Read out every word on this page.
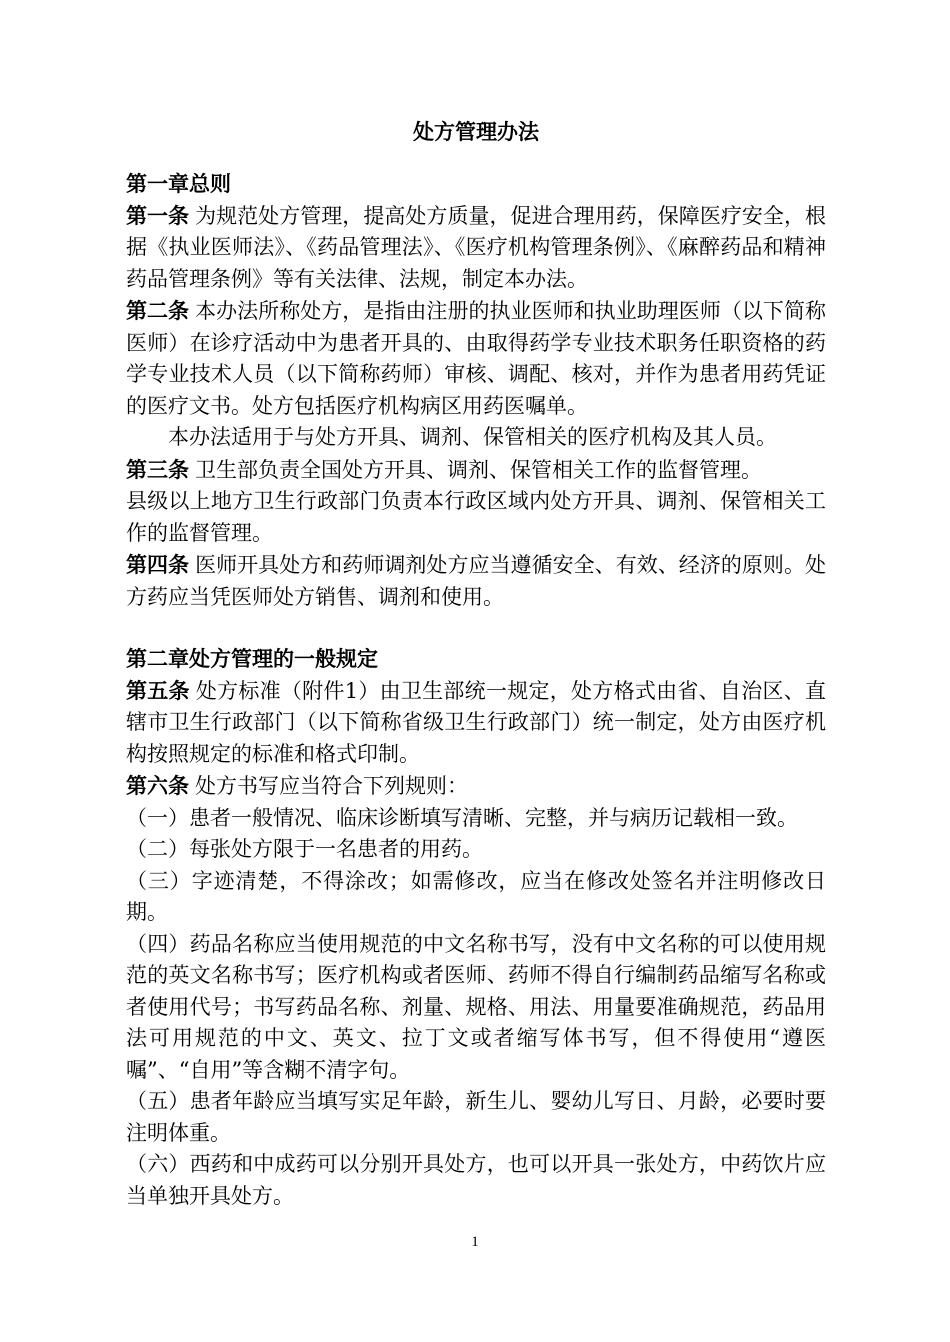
处方管理办法
第一章总则
第一条 为规范处方管理，提高处方质量，促进合理用药，保障医疗安全，根据《执业医师法》、《药品管理法》、《医疗机构管理条例》、《麻醉药品和精神药品管理条例》等有关法律、法规，制定本办法。
第二条 本办法所称处方，是指由注册的执业医师和执业助理医师（以下简称医师）在诊疗活动中为患者开具的、由取得药学专业技术职务任职资格的药学专业技术人员（以下简称药师）审核、调配、核对，并作为患者用药凭证的医疗文书。处方包括医疗机构病区用药医嘱单。
本办法适用于与处方开具、调剂、保管相关的医疗机构及其人员。
第三条 卫生部负责全国处方开具、调剂、保管相关工作的监督管理。
县级以上地方卫生行政部门负责本行政区域内处方开具、调剂、保管相关工作的监督管理。
第四条 医师开具处方和药师调剂处方应当遵循安全、有效、经济的原则。处方药应当凭医师处方销售、调剂和使用。
第二章处方管理的一般规定
第五条 处方标准（附件1）由卫生部统一规定，处方格式由省、自治区、直辖市卫生行政部门（以下简称省级卫生行政部门）统一制定，处方由医疗机构按照规定的标准和格式印制。
第六条 处方书写应当符合下列规则：
（一）患者一般情况、临床诊断填写清晰、完整，并与病历记载相一致。
（二）每张处方限于一名患者的用药。
（三）字迹清楚，不得涂改；如需修改，应当在修改处签名并注明修改日期。
（四）药品名称应当使用规范的中文名称书写，没有中文名称的可以使用规范的英文名称书写；医疗机构或者医师、药师不得自行编制药品缩写名称或者使用代号；书写药品名称、剂量、规格、用法、用量要准确规范，药品用法可用规范的中文、英文、拉丁文或者缩写体书写，但不得使用“遵医嘱”、“自用”等含糊不清字句。
（五）患者年龄应当填写实足年龄，新生儿、婴幼儿写日、月龄，必要时要注明体重。
（六）西药和中成药可以分别开具处方，也可以开具一张处方，中药饮片应当单独开具处方。
1
